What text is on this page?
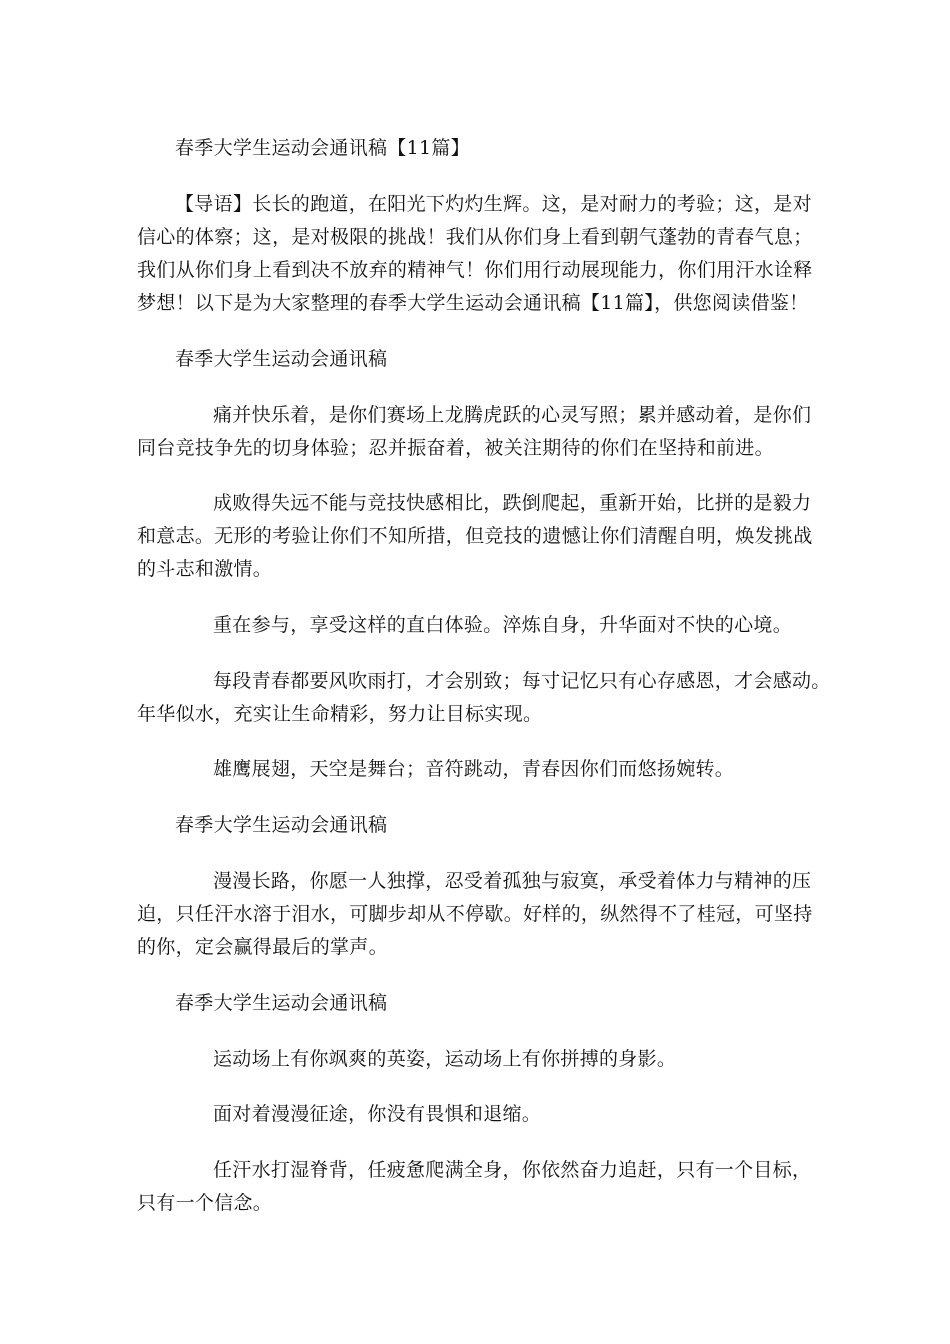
春季大学生运动会通讯稿【11篇】

【导语】长长的跑道，在阳光下灼灼生辉。这，是对耐力的考验；这，是对

信心的体察；这，是对极限的挑战！我们从你们身上看到朝气蓬勃的青春气息；

我们从你们身上看到决不放弃的精神气！你们用行动展现能力，你们用汗水诠释

梦想！以下是为大家整理的春季大学生运动会通讯稿【11篇】，供您阅读借鉴！

春季大学生运动会通讯稿

痛并快乐着，是你们赛场上龙腾虎跃的心灵写照；累并感动着，是你们

同台竞技争先的切身体验；忍并振奋着，被关注期待的你们在坚持和前进。

成败得失远不能与竞技快感相比，跌倒爬起，重新开始，比拼的是毅力

和意志。无形的考验让你们不知所措，但竞技的遗憾让你们清醒自明，焕发挑战

的斗志和激情。

重在参与，享受这样的直白体验。淬炼自身，升华面对不快的心境。

每段青春都要风吹雨打，才会别致；每寸记忆只有心存感恩，才会感动。

年华似水，充实让生命精彩，努力让目标实现。

雄鹰展翅，天空是舞台；音符跳动，青春因你们而悠扬婉转。

春季大学生运动会通讯稿

漫漫长路，你愿一人独撑，忍受着孤独与寂寞，承受着体力与精神的压

迫，只任汗水溶于泪水，可脚步却从不停歇。好样的，纵然得不了桂冠，可坚持

的你，定会赢得最后的掌声。

春季大学生运动会通讯稿

运动场上有你飒爽的英姿，运动场上有你拼搏的身影。

面对着漫漫征途，你没有畏惧和退缩。

任汗水打湿脊背，任疲惫爬满全身，你依然奋力追赶，只有一个目标，

只有一个信念。
